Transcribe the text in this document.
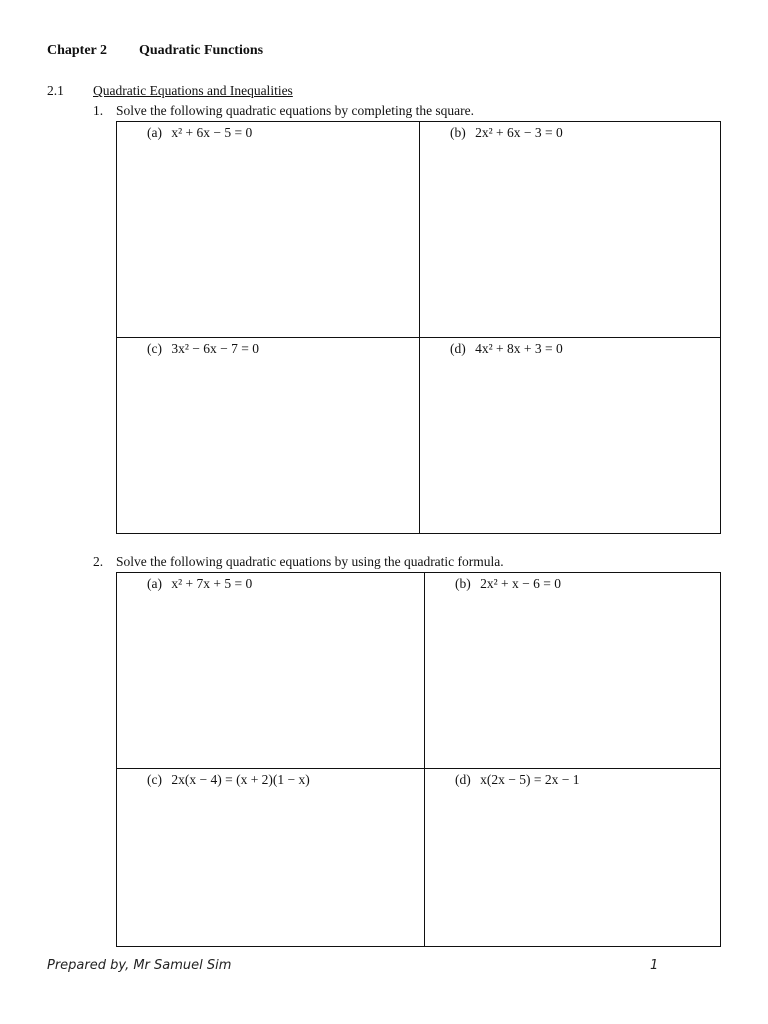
Chapter 2 Quadratic Functions
2.1 Quadratic Equations and Inequalities
1. Solve the following quadratic equations by completing the square.
(a) x² + 6x − 5 = 0	(b) 2x² + 6x − 3 = 0

(c) 3x² − 6x − 7 = 0	(d) 4x² + 8x + 3 = 0
2. Solve the following quadratic equations by using the quadratic formula.
(a) x² + 7x + 5 = 0	(b) 2x² + x − 6 = 0

(c) 2x(x − 4) = (x + 2)(1 − x)	(d) x(2x − 5) = 2x − 1
Prepared by, Mr Samuel Sim	1
